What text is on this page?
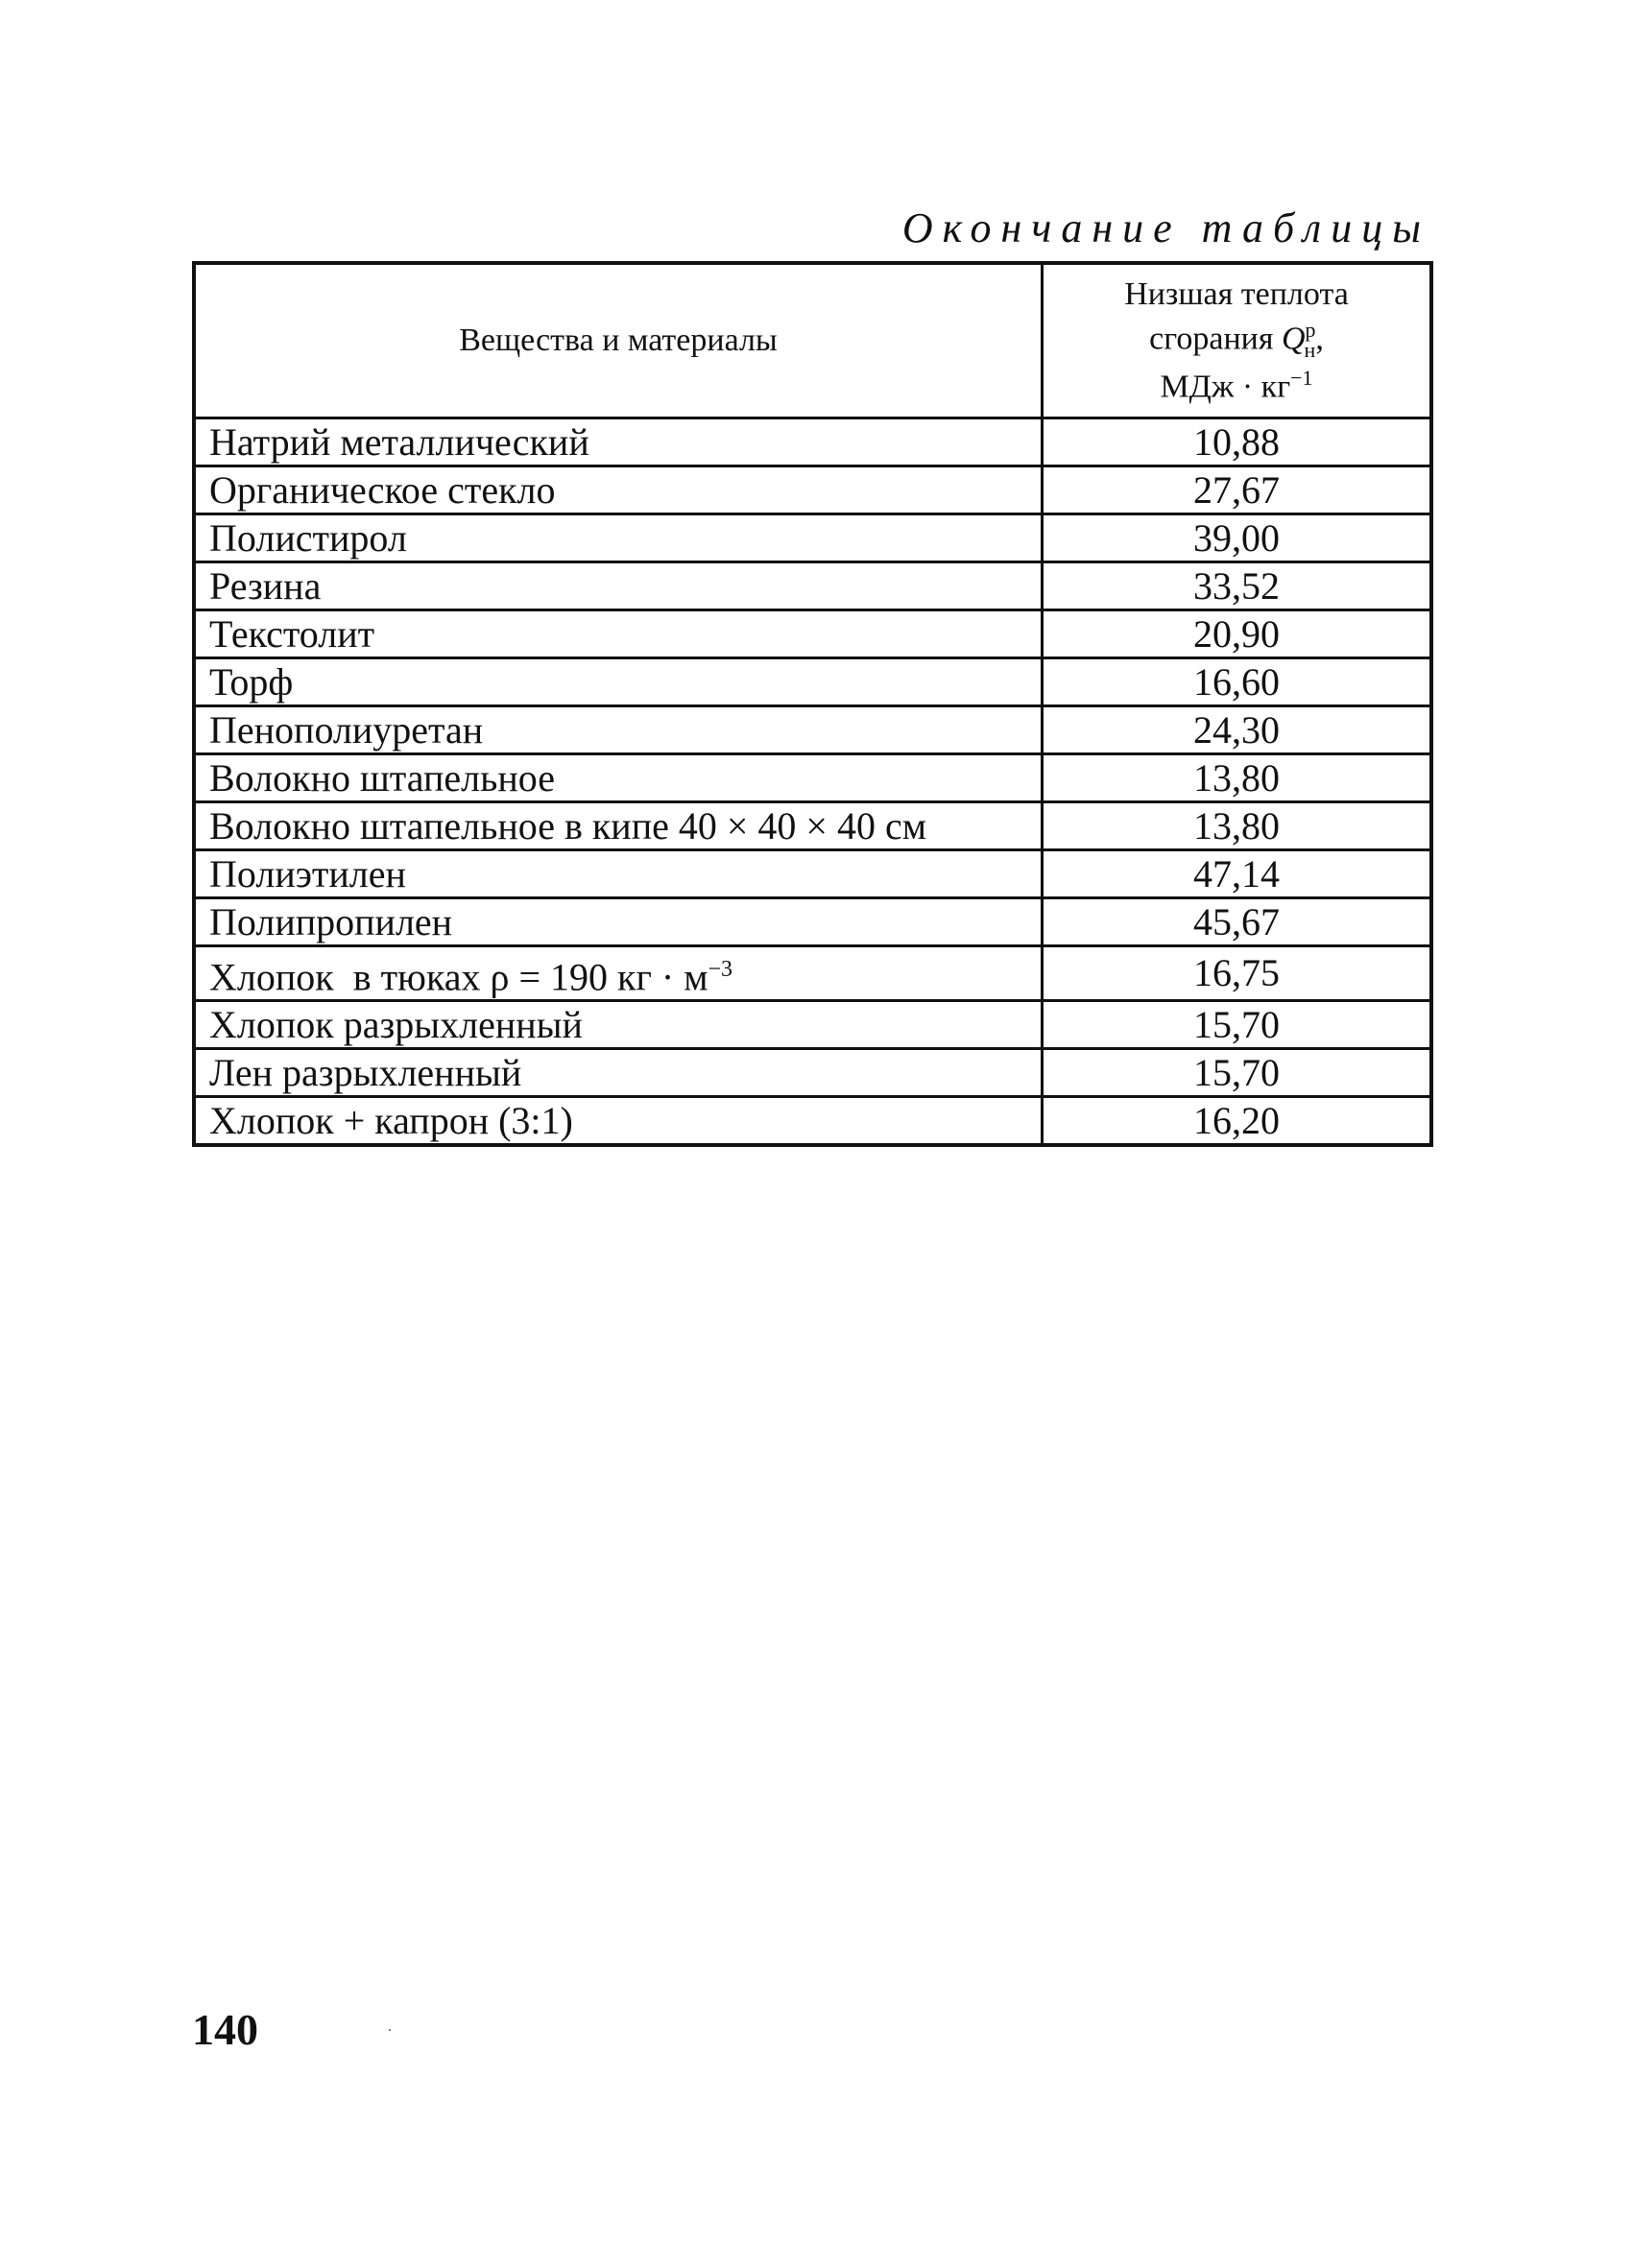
Окончание таблицы
Вещества и материалы	Низшая теплота
сгорания $Q^р_н$,
МДж · $кг^{-1}$
Натрий металлический	10,88
Органическое стекло	27,67
Полистирол	39,00
Резина	33,52
Текстолит	20,90
Торф	16,60
Пенополиуретан	24,30
Волокно штапельное	13,80
Волокно штапельное в кипе 40 × 40 × 40 см	13,80
Полиэтилен	47,14
Полипропилен	45,67
Хлопок  в тюках ρ = 190 кг · $м^{-3}$	16,75
Хлопок разрыхленный	15,70
Лен разрыхленный	15,70
Хлопок + капрон (3:1)	16,20
140
